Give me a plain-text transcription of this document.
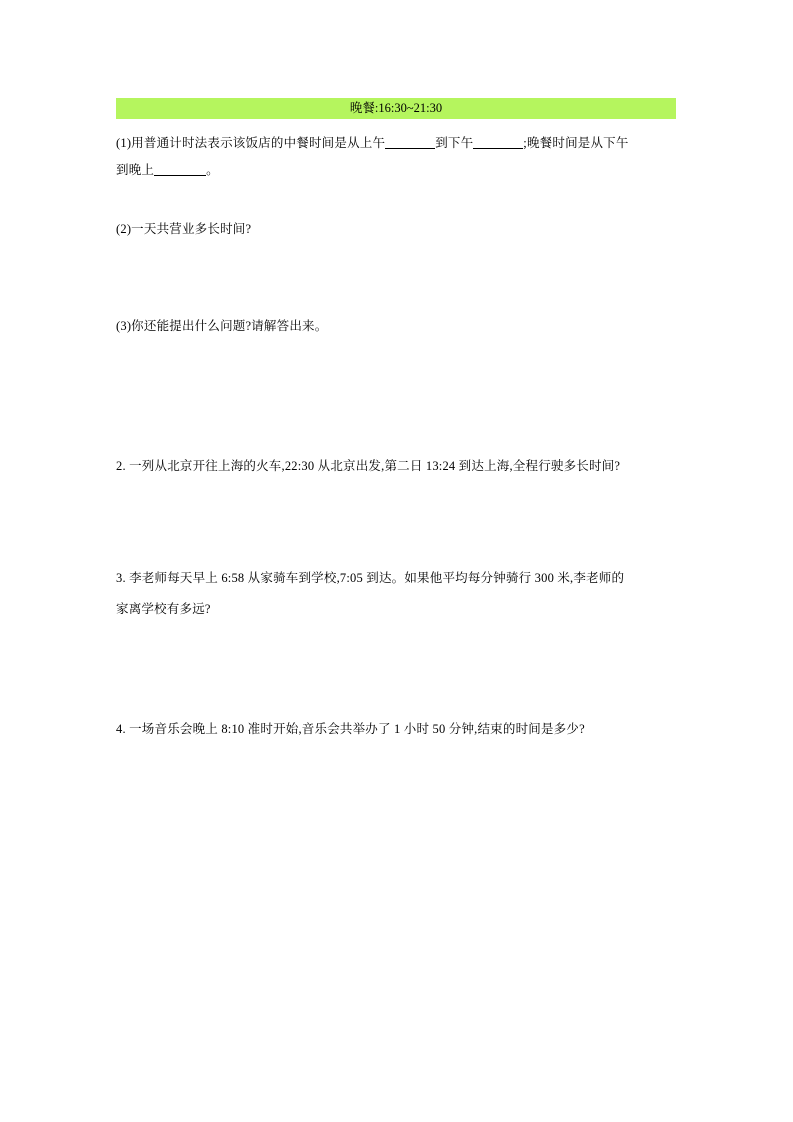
晚餐:16:30~21:30
(1)用普通计时法表示该饭店的中餐时间是从上午	到下午	;晚餐时间是从下午
到晚上	。
(2)一天共营业多长时间?
(3)你还能提出什么问题?请解答出来。
2. 一列从北京开往上海的火车,22:30 从北京出发,第二日 13:24 到达上海,全程行驶多长时间?
3. 李老师每天早上 6:58 从家骑车到学校,7:05 到达。如果他平均每分钟骑行 300 米,李老师的
家离学校有多远?
4. 一场音乐会晚上 8:10 准时开始,音乐会共举办了 1 小时 50 分钟,结束的时间是多少?
